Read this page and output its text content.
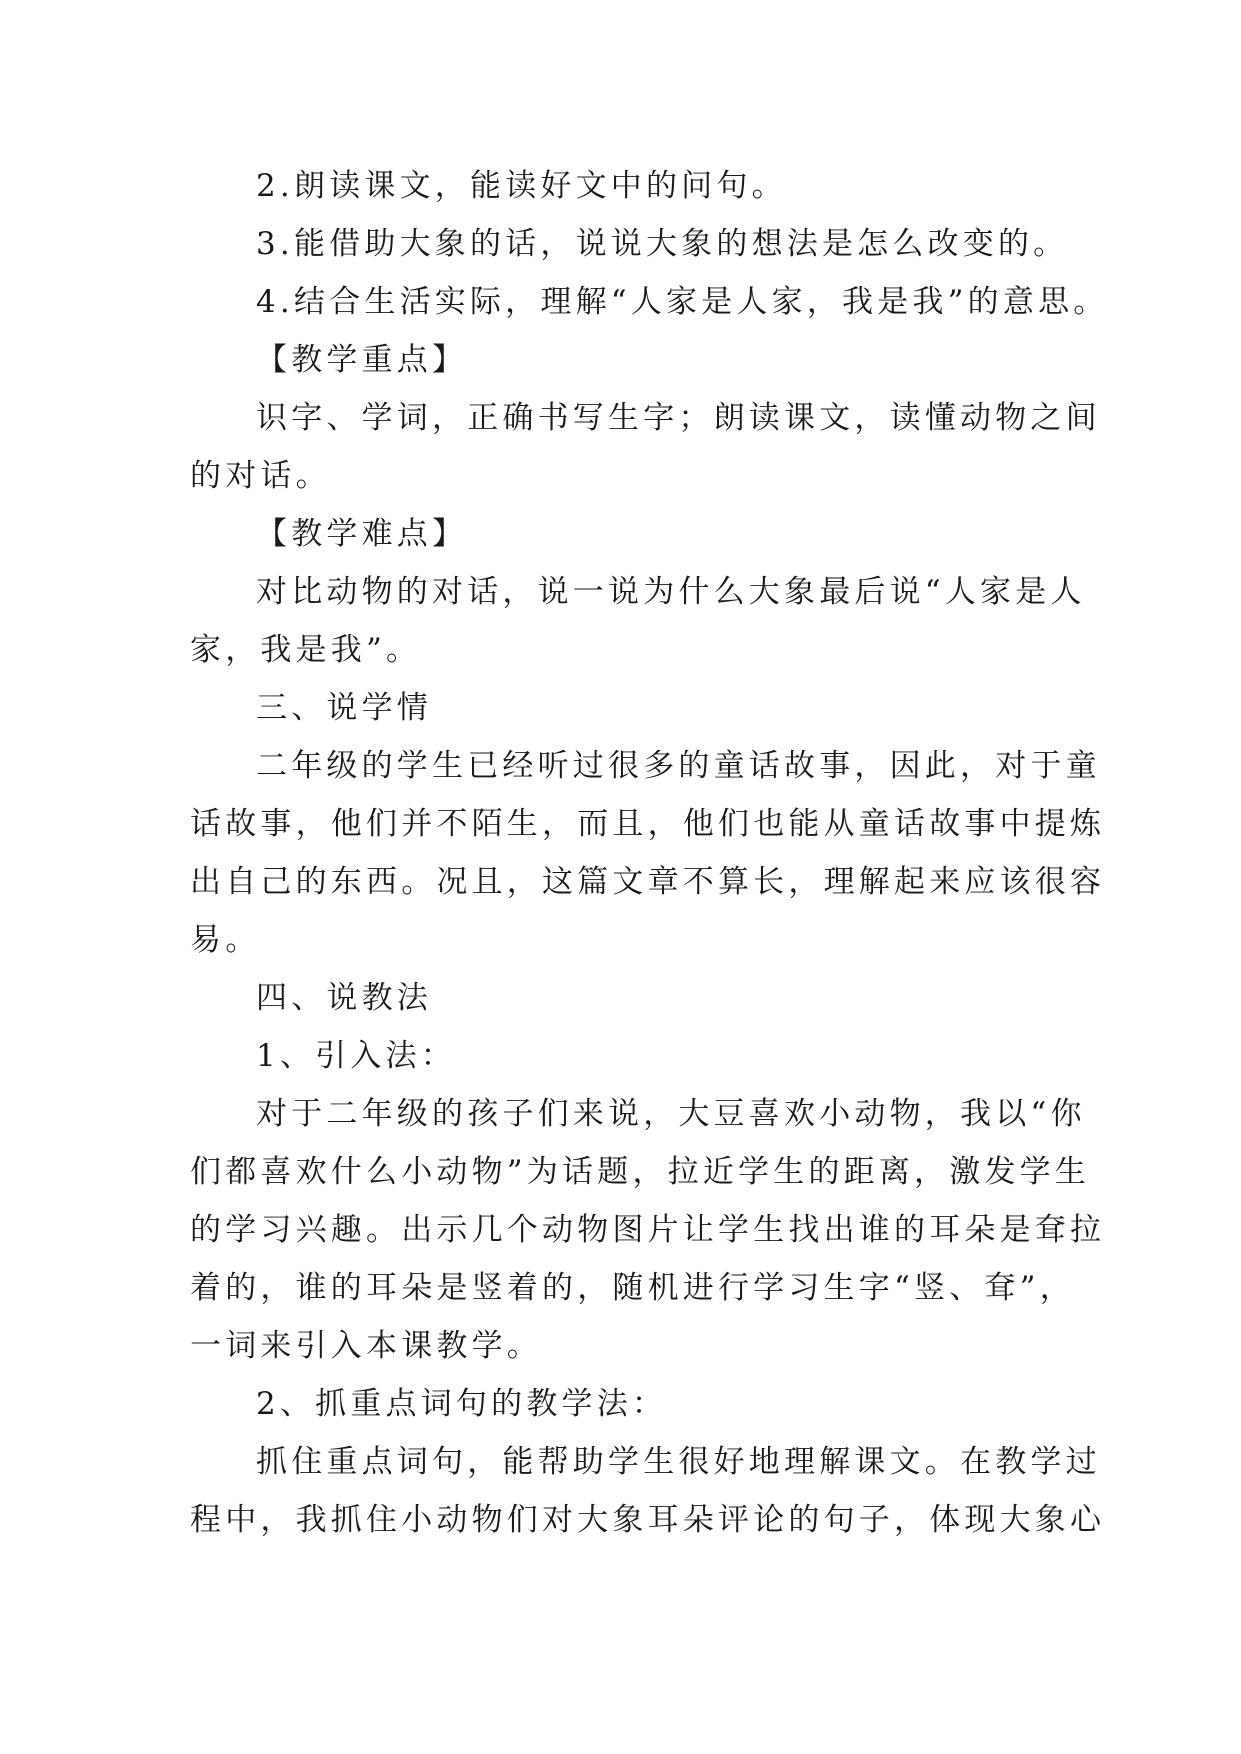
2.朗读课文，能读好文中的问句。
3.能借助大象的话，说说大象的想法是怎么改变的。
4.结合生活实际，理解“人家是人家，我是我”的意思。
【教学重点】
识字、学词，正确书写生字；朗读课文，读懂动物之间
的对话。
【教学难点】
对比动物的对话，说一说为什么大象最后说“人家是人
家，我是我”。
三、说学情
二年级的学生已经听过很多的童话故事，因此，对于童
话故事，他们并不陌生，而且，他们也能从童话故事中提炼
出自己的东西。况且，这篇文章不算长，理解起来应该很容
易。
四、说教法
1、引入法：
对于二年级的孩子们来说，大豆喜欢小动物，我以“你
们都喜欢什么小动物”为话题，拉近学生的距离，激发学生
的学习兴趣。出示几个动物图片让学生找出谁的耳朵是耷拉
着的，谁的耳朵是竖着的，随机进行学习生字“竖、耷”，
一词来引入本课教学。
2、抓重点词句的教学法：
抓住重点词句，能帮助学生很好地理解课文。在教学过
程中，我抓住小动物们对大象耳朵评论的句子，体现大象心
